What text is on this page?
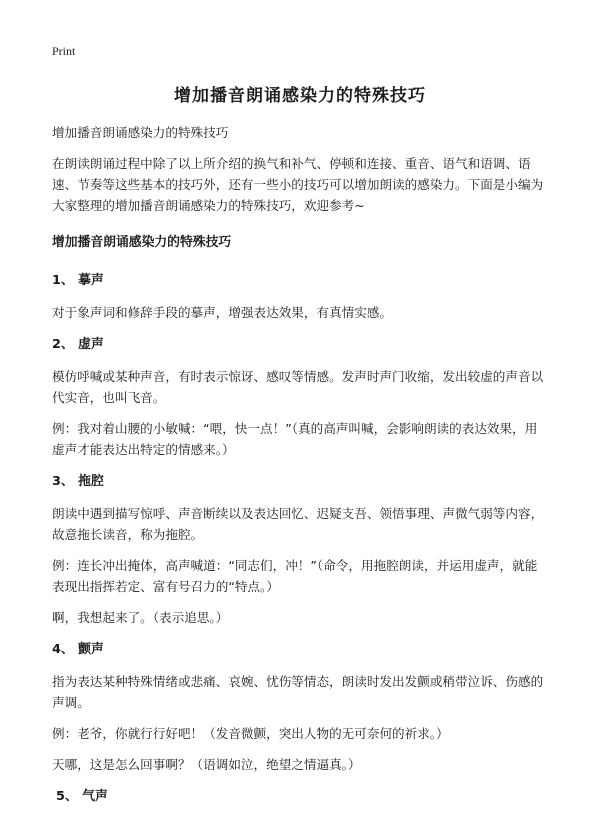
Print
增加播音朗诵感染力的特殊技巧

增加播音朗诵感染力的特殊技巧

在朗读朗诵过程中除了以上所介绍的换气和补气、停顿和连接、重音、语气和语调、语速、节奏等这些基本的技巧外，还有一些小的技巧可以增加朗读的感染力。下面是小编为大家整理的增加播音朗诵感染力的特殊技巧，欢迎参考~

增加播音朗诵感染力的特殊技巧

1、 摹声

对于象声词和修辞手段的摹声，增强表达效果，有真情实感。

2、 虚声

模仿呼喊或某种声音，有时表示惊讶、感叹等情感。发声时声门收缩，发出较虚的声音以代实音，也叫飞音。

例：我对着山腰的小敏喊：“喂，快一点！”（真的高声叫喊，会影响朗读的表达效果，用虚声才能表达出特定的情感来。）

3、 拖腔

朗读中遇到描写惊呼、声音断续以及表达回忆、迟疑支吾、领悟事理、声微气弱等内容，故意拖长读音，称为拖腔。

例：连长冲出掩体，高声喊道：“同志们，冲！”（命令，用拖腔朗读，并运用虚声，就能表现出指挥若定、富有号召力的“特点。）

啊，我想起来了。（表示追思。）

4、 颤声

指为表达某种特殊情绪或悲痛、哀婉、忧伤等情态，朗读时发出发颤或稍带泣诉、伤感的声调。

例：老爷，你就行行好吧！（发音微颤，突出人物的无可奈何的祈求。）

天哪，这是怎么回事啊？（语调如泣，绝望之情逼真。）

5、 气声
